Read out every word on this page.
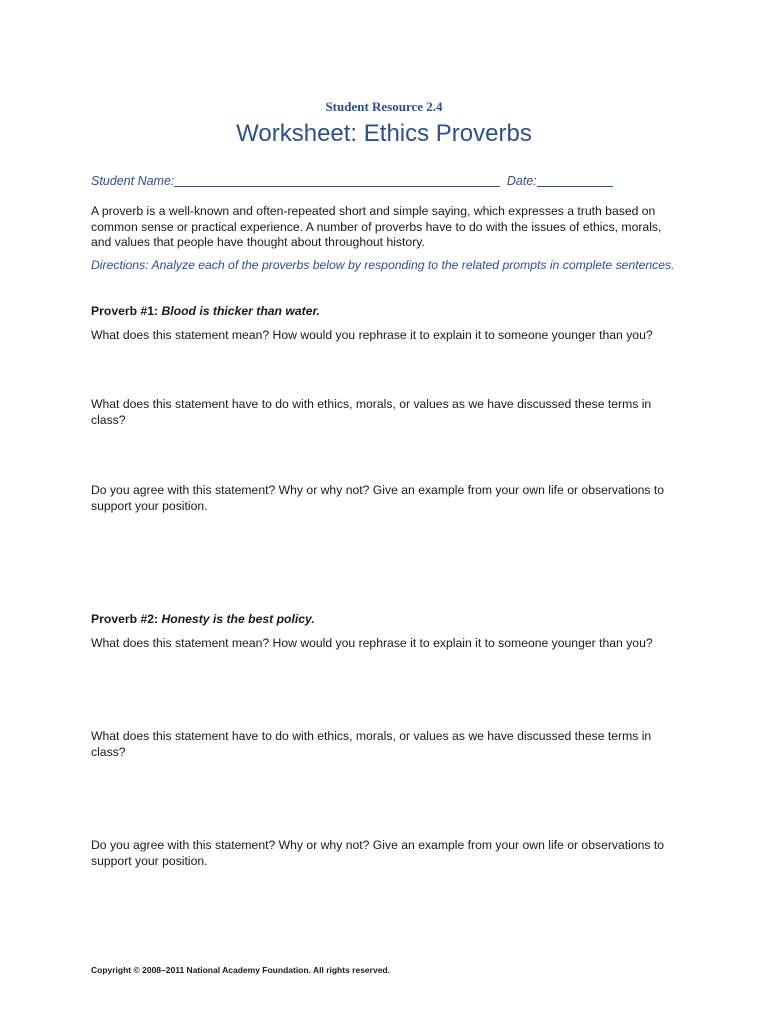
Student Resource 2.4
Worksheet: Ethics Proverbs
Student Name:	Date:
A proverb is a well-known and often-repeated short and simple saying, which expresses a truth based on common sense or practical experience. A number of proverbs have to do with the issues of ethics, morals, and values that people have thought about throughout history.
Directions: Analyze each of the proverbs below by responding to the related prompts in complete sentences.
Proverb #1: Blood is thicker than water.
What does this statement mean? How would you rephrase it to explain it to someone younger than you?
What does this statement have to do with ethics, morals, or values as we have discussed these terms in class?
Do you agree with this statement? Why or why not? Give an example from your own life or observations to support your position.
Proverb #2: Honesty is the best policy.
What does this statement mean? How would you rephrase it to explain it to someone younger than you?
What does this statement have to do with ethics, morals, or values as we have discussed these terms in class?
Do you agree with this statement? Why or why not? Give an example from your own life or observations to support your position.
Copyright © 2008–2011 National Academy Foundation. All rights reserved.
